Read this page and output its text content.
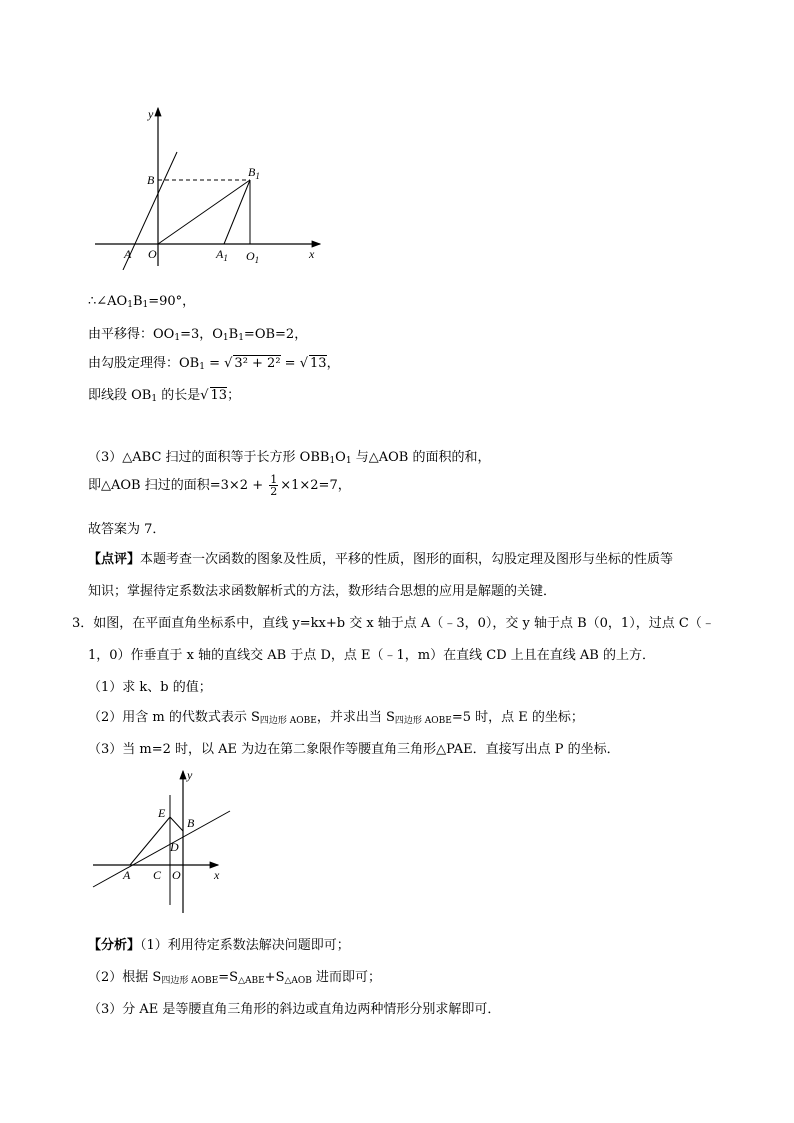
y
x
B
$B_1$
A O	$A_1$ $O_1$
$\therefore\angle AO_1B_1=90^\circ$，
由平移得：$OO_1=3$，$O_1B_1=OB=2$，
由勾股定理得：$OB_1$ = √ 3² + 2² = √ 13，
即线段 $OB_1$ 的长是√ 13；
（3）△ABC 扫过的面积等于长方形 $OBB_1O_1$ 与△AOB 的面积的和，
即△AOB 扫过的面积$=3\times 2 + \frac{1}{2} \times 1\times 2=7$，
故答案为 7．
【点评】本题考查一次函数的图象及性质，平移的性质，图形的面积，勾股定理及图形与坐标的性质等
知识；掌握待定系数法求函数解析式的方法，数形结合思想的应用是解题的关键．
3．如图，在平面直角坐标系中，直线 y=kx+b 交 x 轴于点 A（﹣3，0），交 y 轴于点 B（0，1），过点 C（﹣
1，0）作垂直于 x 轴的直线交 AB 于点 D，点 E（﹣1，m）在直线 CD 上且在直线 AB 的上方．
（1）求 k、b 的值；
（2）用含 m 的代数式表示 $S_{四边形 AOBE}$，并求出当 $S_{四边形 AOBE}=5$ 时，点 E 的坐标；
（3）当 m=2 时，以 AE 为边在第二象限作等腰直角三角形△PAE．直接写出点 P 的坐标．
y
x
E
B
D
A C O
【分析】（1）利用待定系数法解决问题即可；
（2）根据 $S_{四边形 AOBE}=S_{\triangle ABE}+S_{\triangle AOB}$ 进而即可；
（3）分 AE 是等腰直角三角形的斜边或直角边两种情形分别求解即可．
